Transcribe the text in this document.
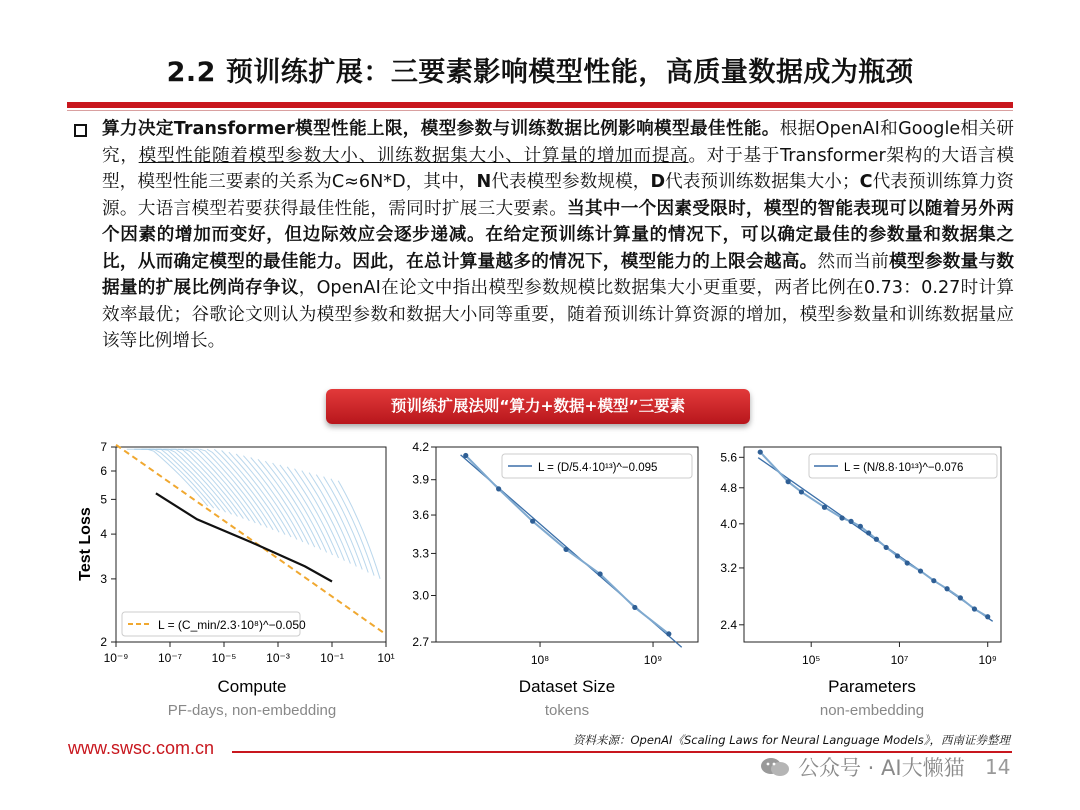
2.2 预训练扩展：三要素影响模型性能，高质量数据成为瓶颈
算力决定Transformer模型性能上限，模型参数与训练数据比例影响模型最佳性能。根据OpenAI和Google相关研究，模型性能随着模型参数大小、训练数据集大小、计算量的增加而提高。对于基于Transformer架构的大语言模型，模型性能三要素的关系为C≈6N*D，其中，N代表模型参数规模，D代表预训练数据集大小；C代表预训练算力资源。大语言模型若要获得最佳性能，需同时扩展三大要素。当其中一个因素受限时，模型的智能表现可以随着另外两个因素的增加而变好，但边际效应会逐步递减。在给定预训练计算量的情况下，可以确定最佳的参数量和数据集之比，从而确定模型的最佳能力。因此，在总计算量越多的情况下，模型能力的上限会越高。然而当前模型参数量与数据量的扩展比例尚存争议，OpenAI在论文中指出模型参数规模比数据集大小更重要，两者比例在0.73：0.27时计算效率最优；谷歌论文则认为模型参数和数据大小同等重要，随着预训练计算资源的增加，模型参数量和训练数据量应该等比例增长。
预训练扩展法则“算力+数据+模型”三要素
10⁻⁹ 10⁻⁷ 10⁻⁵ 10⁻³	10⁻¹	10¹
2
3
4
5
6
7
L = (C_min/2.3·10⁸)^−0.050
Test Loss
Compute
PF-days, non-embedding
10⁸	10⁹
2.7
3.0
3.3
3.6
3.9
4.2
L = (D/5.4·10¹³)^−0.095
Dataset Size
tokens
10⁵	10⁷	10⁹
2.4
3.2
4.0
4.8
5.6
L = (N/8.8·10¹³)^−0.076
Parameters
non-embedding
www.swsc.com.cn	资料来源：OpenAI《Scaling Laws for Neural Language Models》，西南证券整理
公众号 · AI大懒猫 14
